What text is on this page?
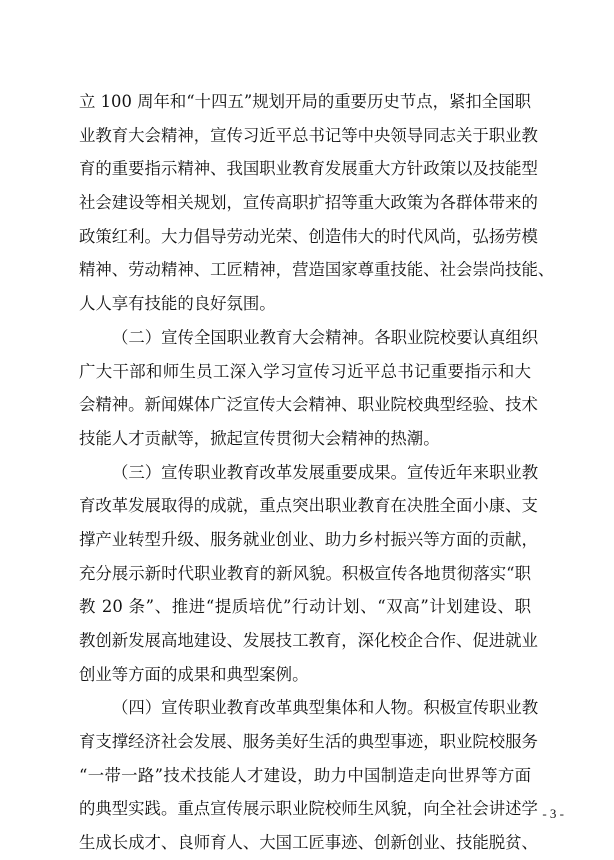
立 100 周年和“十四五”规划开局的重要历史节点，紧扣全国职
业教育大会精神，宣传习近平总书记等中央领导同志关于职业教
育的重要指示精神、我国职业教育发展重大方针政策以及技能型
社会建设等相关规划，宣传高职扩招等重大政策为各群体带来的
政策红利。大力倡导劳动光荣、创造伟大的时代风尚，弘扬劳模
精神、劳动精神、工匠精神，营造国家尊重技能、社会崇尚技能、
人人享有技能的良好氛围。
（二）宣传全国职业教育大会精神。各职业院校要认真组织
广大干部和师生员工深入学习宣传习近平总书记重要指示和大
会精神。新闻媒体广泛宣传大会精神、职业院校典型经验、技术
技能人才贡献等，掀起宣传贯彻大会精神的热潮。
（三）宣传职业教育改革发展重要成果。宣传近年来职业教
育改革发展取得的成就，重点突出职业教育在决胜全面小康、支
撑产业转型升级、服务就业创业、助力乡村振兴等方面的贡献，
充分展示新时代职业教育的新风貌。积极宣传各地贯彻落实“职
教 20 条”、推进“提质培优”行动计划、“双高”计划建设、职
教创新发展高地建设、发展技工教育，深化校企合作、促进就业
创业等方面的成果和典型案例。
（四）宣传职业教育改革典型集体和人物。积极宣传职业教
育支撑经济社会发展、服务美好生活的典型事迹，职业院校服务
“一带一路”技术技能人才建设，助力中国制造走向世界等方面
的典型实践。重点宣传展示职业院校师生风貌，向全社会讲述学
生成长成才、良师育人、大国工匠事迹、创新创业、技能脱贫、
- 3 -
